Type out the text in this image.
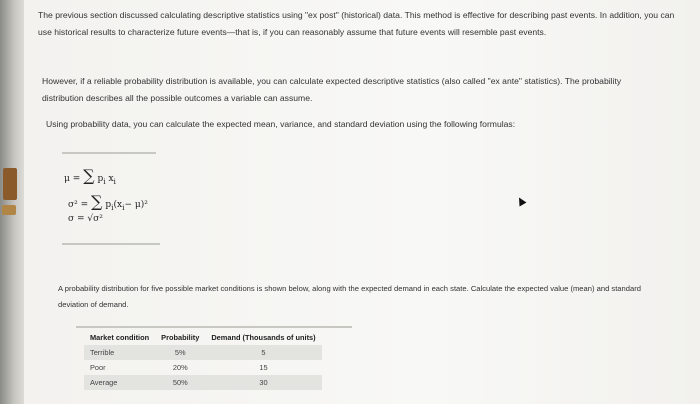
The previous section discussed calculating descriptive statistics using "ex post" (historical) data. This method is effective for describing past events. In addition, you can use historical results to characterize future events—that is, if you can reasonably assume that future events will resemble past events.
However, if a reliable probability distribution is available, you can calculate expected descriptive statistics (also called "ex ante" statistics). The probability distribution describes all the possible outcomes a variable can assume.
Using probability data, you can calculate the expected mean, variance, and standard deviation using the following formulas:
μ = ∑ $p_i$ $x_i$
σ² = ∑ $p_i(x_i- \mu)^2$
σ = √σ²
A probability distribution for five possible market conditions is shown below, along with the expected demand in each state. Calculate the expected value (mean) and standard deviation of demand.
Market condition	Probability	Demand (Thousands of units)
Terrible	5%	5
Poor	20%	15
Average	50%	30
